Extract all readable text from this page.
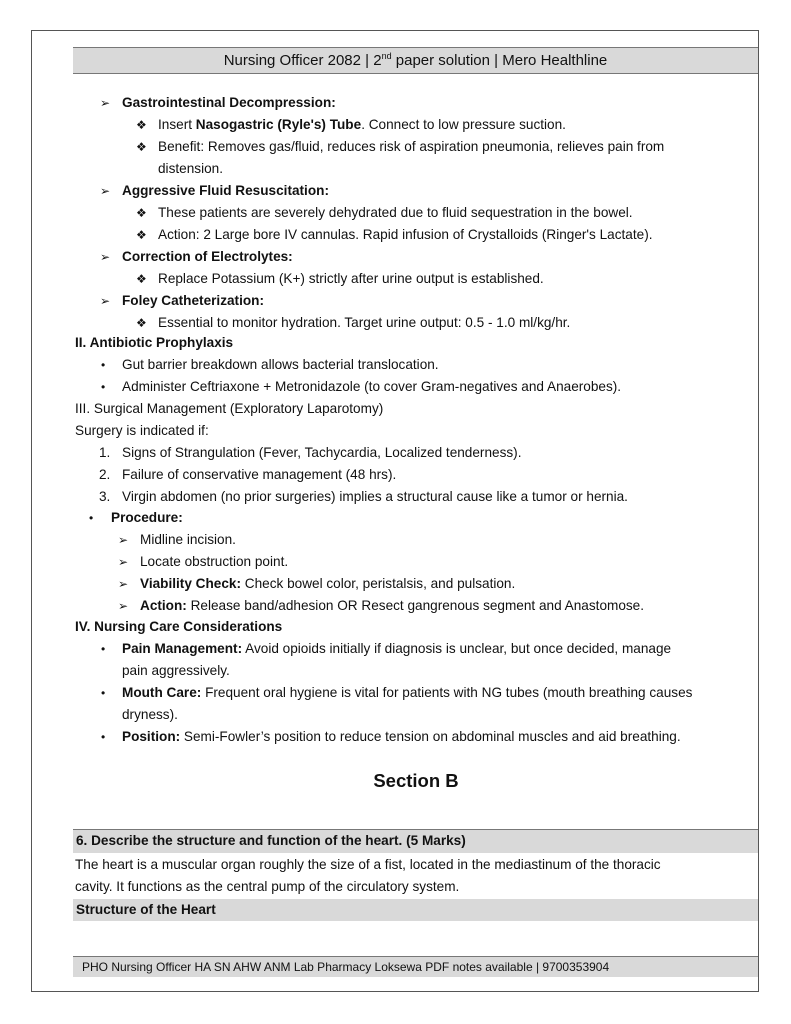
Nursing Officer 2082 | 2nd paper solution | Mero Healthline
➢ Gastrointestinal Decompression:
❖ Insert Nasogastric (Ryle's) Tube. Connect to low pressure suction.
❖ Benefit: Removes gas/fluid, reduces risk of aspiration pneumonia, relieves pain from
distension.
➢ Aggressive Fluid Resuscitation:
❖ These patients are severely dehydrated due to fluid sequestration in the bowel.
❖ Action: 2 Large bore IV cannulas. Rapid infusion of Crystalloids (Ringer's Lactate).
➢ Correction of Electrolytes:
❖ Replace Potassium (K+) strictly after urine output is established.
➢ Foley Catheterization:
❖ Essential to monitor hydration. Target urine output: 0.5 - 1.0 ml/kg/hr.
II. Antibiotic Prophylaxis
• Gut barrier breakdown allows bacterial translocation.
• Administer Ceftriaxone + Metronidazole (to cover Gram-negatives and Anaerobes).
III. Surgical Management (Exploratory Laparotomy)
Surgery is indicated if:
1. Signs of Strangulation (Fever, Tachycardia, Localized tenderness).
2. Failure of conservative management (48 hrs).
3. Virgin abdomen (no prior surgeries) implies a structural cause like a tumor or hernia.
• Procedure:
➢ Midline incision.
➢ Locate obstruction point.
➢ Viability Check: Check bowel color, peristalsis, and pulsation.
➢ Action: Release band/adhesion OR Resect gangrenous segment and Anastomose.
IV. Nursing Care Considerations
• Pain Management: Avoid opioids initially if diagnosis is unclear, but once decided, manage
pain aggressively.
• Mouth Care: Frequent oral hygiene is vital for patients with NG tubes (mouth breathing causes
dryness).
• Position: Semi-Fowler’s position to reduce tension on abdominal muscles and aid breathing.
Section B
6. Describe the structure and function of the heart. (5 Marks)
The heart is a muscular organ roughly the size of a fist, located in the mediastinum of the thoracic
cavity. It functions as the central pump of the circulatory system.
Structure of the Heart
PHO Nursing Officer HA SN AHW ANM Lab Pharmacy Loksewa PDF notes available | 9700353904
